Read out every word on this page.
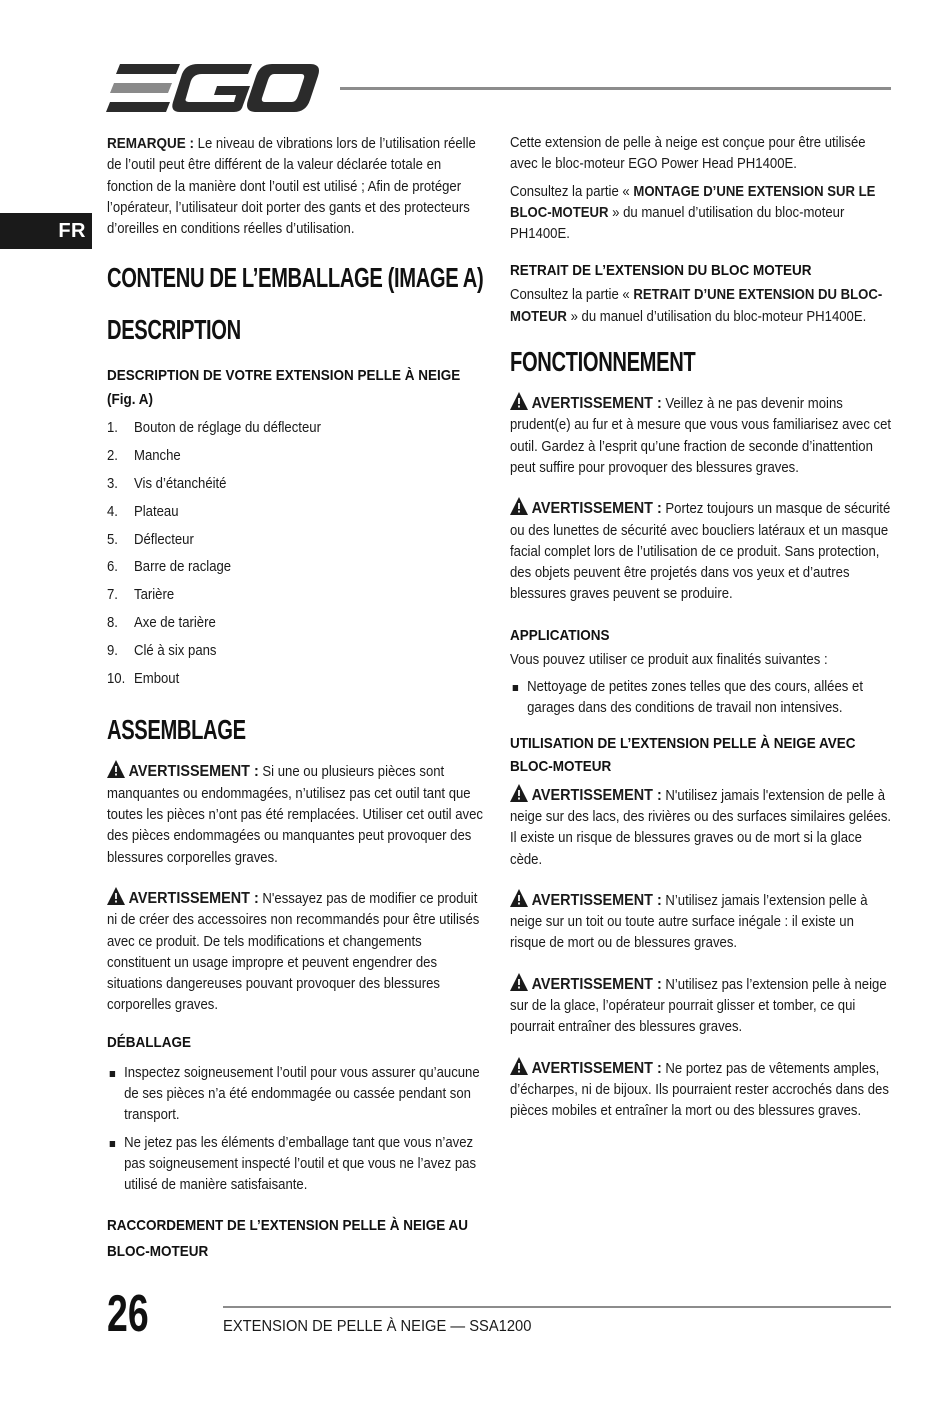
FR

REMARQUE : Le niveau de vibrations lors de l’utilisation réelle de l’outil peut être différent de la valeur déclarée totale en fonction de la manière dont l’outil est utilisé ; Afin de protéger l’opérateur, l’utilisateur doit porter des gants et des protecteurs d’oreilles en conditions réelles d’utilisation.

CONTENU DE L’EMBALLAGE (IMAGE A)
DESCRIPTION
DESCRIPTION DE VOTRE EXTENSION PELLE À NEIGE (Fig. A)
1.	Bouton de réglage du déflecteur
2.	Manche
3.	Vis d’étanchéité
4.	Plateau
5.	Déflecteur
6.	Barre de raclage
7.	Tarière
8.	Axe de tarière
9.	Clé à six pans
10. Embout
ASSEMBLAGE

AVERTISSEMENT : Si une ou plusieurs pièces sont manquantes ou endommagées, n’utilisez pas cet outil tant que toutes les pièces n’ont pas été remplacées. Utiliser cet outil avec des pièces endommagées ou manquantes peut provoquer des blessures corporelles graves.

AVERTISSEMENT : N'essayez pas de modifier ce produit ni de créer des accessoires non recommandés pour être utilisés avec ce produit. De tels modifications et changements constituent un usage impropre et peuvent engendrer des situations dangereuses pouvant provoquer des blessures corporelles graves.

DÉBALLAGE
Inspectez soigneusement l’outil pour vous assurer qu’aucune de ses pièces n’a été endommagée ou cassée pendant son transport.
Ne jetez pas les éléments d’emballage tant que vous n’avez pas soigneusement inspecté l’outil et que vous ne l’avez pas utilisé de manière satisfaisante.
RACCORDEMENT DE L’EXTENSION PELLE À NEIGE AU BLOC-MOTEUR

Cette extension de pelle à neige est conçue pour être utilisée avec le bloc-moteur EGO Power Head PH1400E.

Consultez la partie « MONTAGE D’UNE EXTENSION SUR LE BLOC-MOTEUR » du manuel d’utilisation du bloc-moteur PH1400E.

RETRAIT DE L’EXTENSION DU BLOC MOTEUR

Consultez la partie « RETRAIT D’UNE EXTENSION DU BLOC-MOTEUR » du manuel d’utilisation du bloc-moteur PH1400E.

FONCTIONNEMENT

AVERTISSEMENT : Veillez à ne pas devenir moins prudent(e) au fur et à mesure que vous vous familiarisez avec cet outil. Gardez à l’esprit qu’une fraction de seconde d’inattention peut suffire pour provoquer des blessures graves.

AVERTISSEMENT : Portez toujours un masque de sécurité ou des lunettes de sécurité avec boucliers latéraux et un masque facial complet lors de l’utilisation de ce produit. Sans protection, des objets peuvent être projetés dans vos yeux et d’autres blessures graves peuvent se produire.

APPLICATIONS

Vous pouvez utiliser ce produit aux finalités suivantes :

Nettoyage de petites zones telles que des cours, allées et garages dans des conditions de travail non intensives.
UTILISATION DE L’EXTENSION PELLE À NEIGE AVEC BLOC-MOTEUR

AVERTISSEMENT : N'utilisez jamais l'extension de pelle à neige sur des lacs, des rivières ou des surfaces similaires gelées. Il existe un risque de blessures graves ou de mort si la glace cède.

AVERTISSEMENT : N’utilisez jamais l’extension pelle à neige sur un toit ou toute autre surface inégale : il existe un risque de mort ou de blessures graves.

AVERTISSEMENT : N’utilisez pas l’extension pelle à neige sur de la glace, l’opérateur pourrait glisser et tomber, ce qui pourrait entraîner des blessures graves.

AVERTISSEMENT : Ne portez pas de vêtements amples, d’écharpes, ni de bijoux. Ils pourraient rester accrochés dans des pièces mobiles et entraîner la mort ou des blessures graves.

26	EXTENSION DE PELLE À NEIGE — SSA1200
